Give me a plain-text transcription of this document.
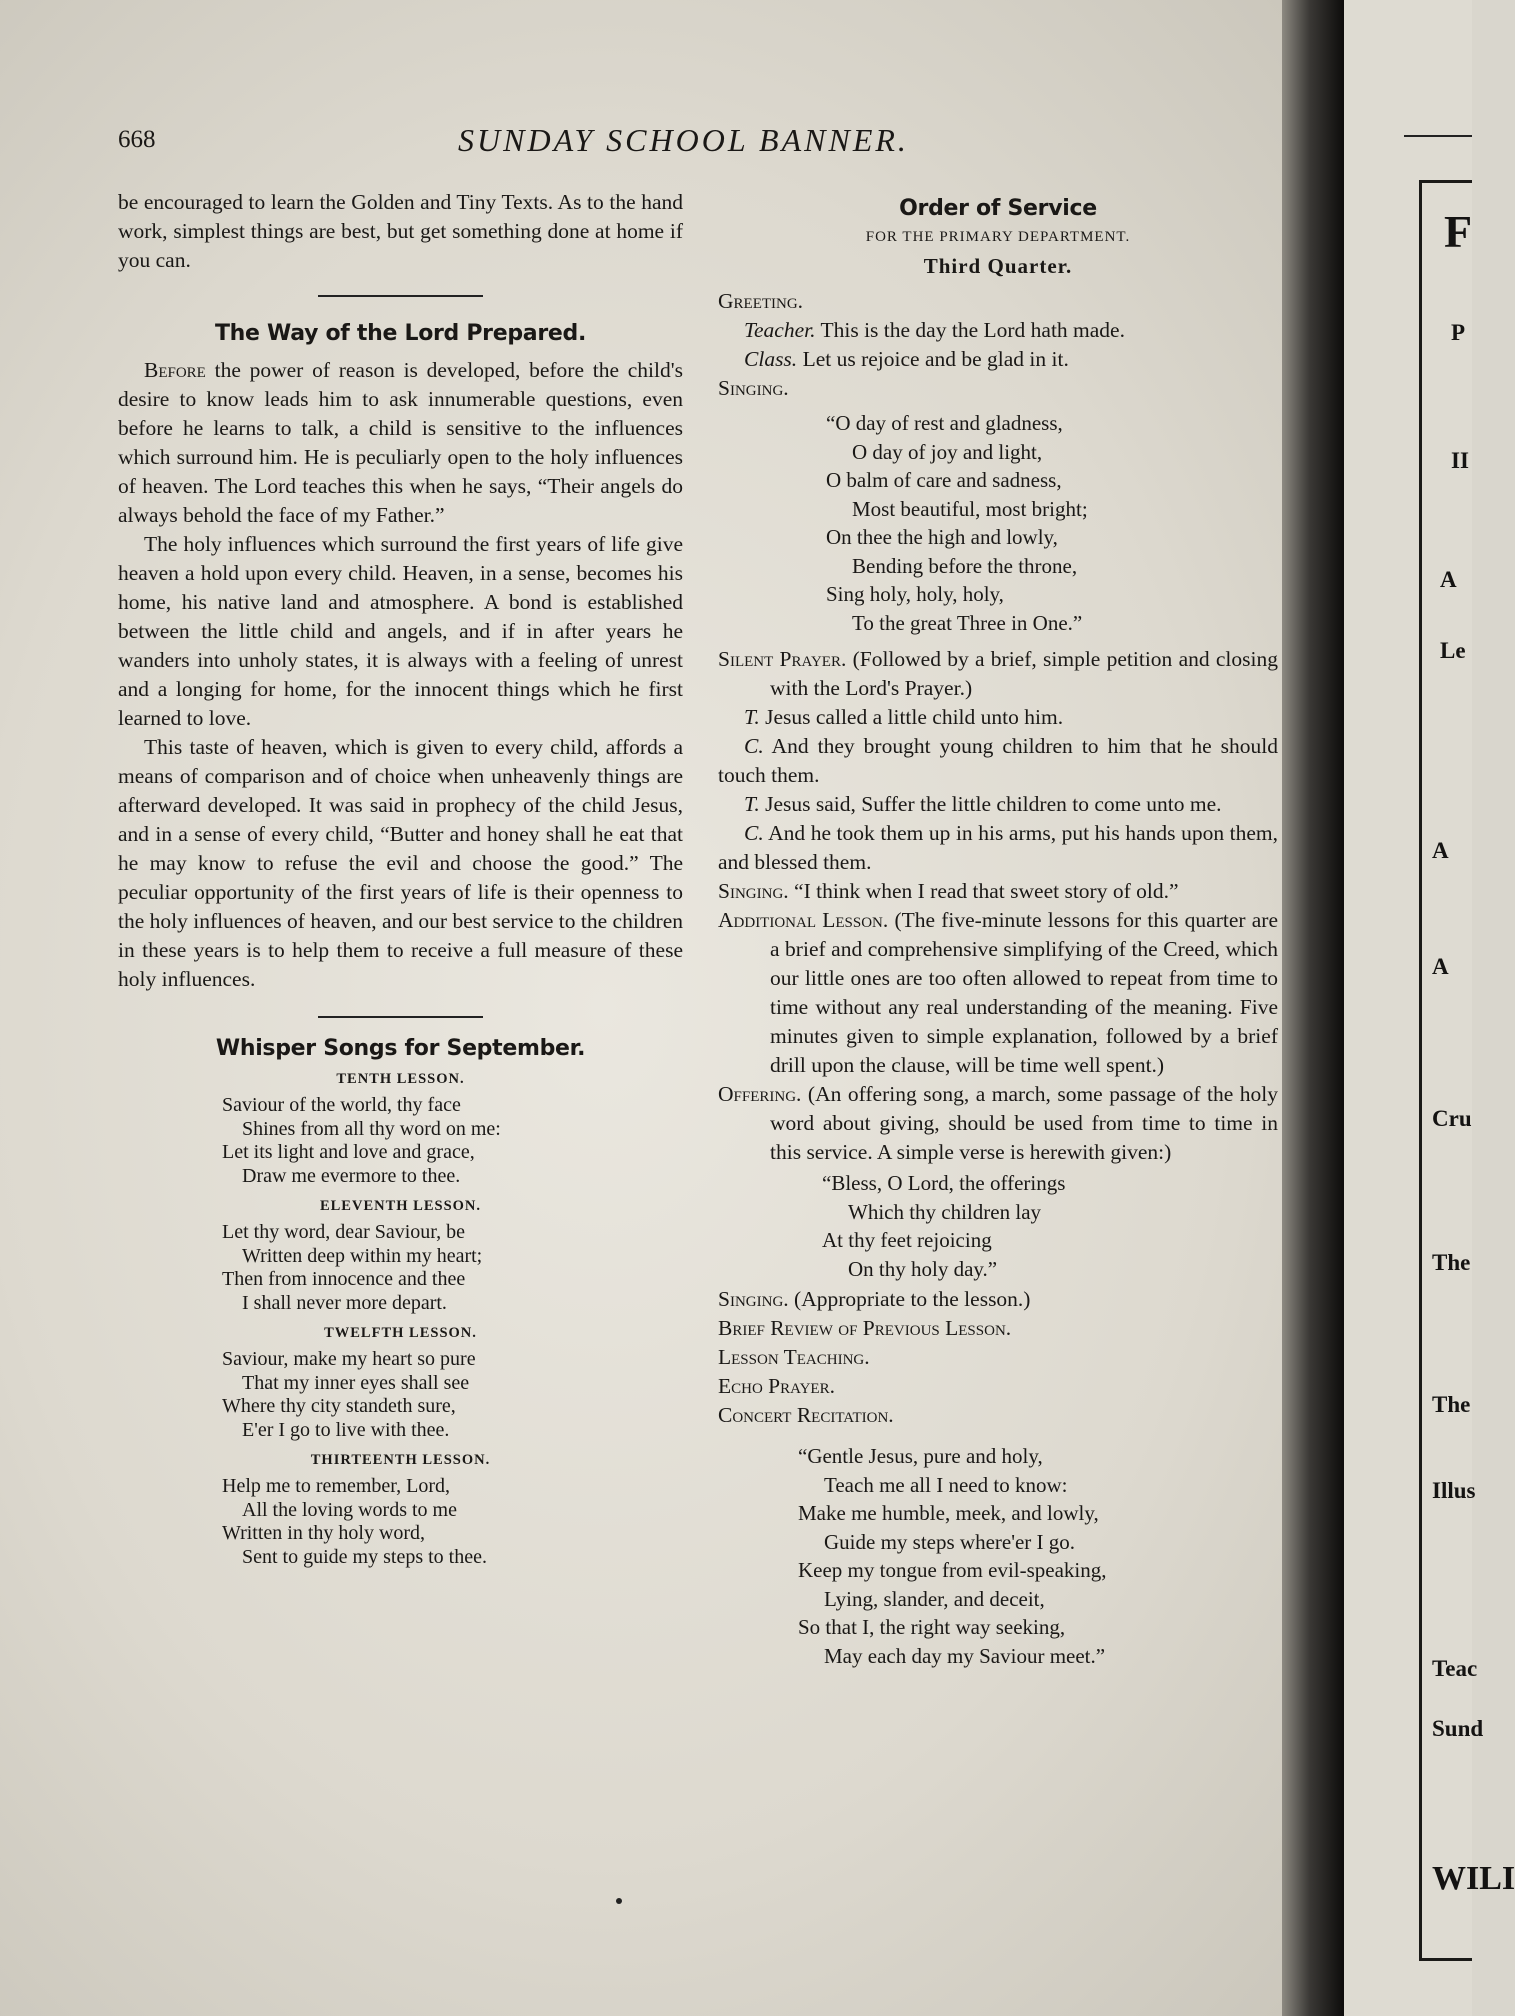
F
P
II
A
Le
A
A
Cru
The
The
Illus
Teac
Sund
WILI
668	SUNDAY SCHOOL BANNER.

be encouraged to learn the Golden and Tiny Texts. As to the hand work, simplest things are best, but get something done at home if you can.

The Way of the Lord Prepared.

Before the power of reason is developed, before the child's desire to know leads him to ask innumerable questions, even before he learns to talk, a child is sensitive to the influences which surround him. He is peculiarly open to the holy influences of heaven. The Lord teaches this when he says, “Their angels do always behold the face of my Father.”

The holy influences which surround the first years of life give heaven a hold upon every child. Heaven, in a sense, becomes his home, his native land and atmosphere. A bond is established between the little child and angels, and if in after years he wanders into unholy states, it is always with a feeling of unrest and a longing for home, for the innocent things which he first learned to love.

This taste of heaven, which is given to every child, affords a means of comparison and of choice when unheavenly things are afterward developed. It was said in prophecy of the child Jesus, and in a sense of every child, “Butter and honey shall he eat that he may know to refuse the evil and choose the good.” The peculiar opportunity of the first years of life is their openness to the holy influences of heaven, and our best service to the children in these years is to help them to receive a full measure of these holy influences.

Whisper Songs for September.
TENTH LESSON.
Saviour of the world, thy face
Shines from all thy word on me:
Let its light and love and grace,
Draw me evermore to thee.
ELEVENTH LESSON.
Let thy word, dear Saviour, be
Written deep within my heart;
Then from innocence and thee
I shall never more depart.
TWELFTH LESSON.
Saviour, make my heart so pure
That my inner eyes shall see
Where thy city standeth sure,
E'er I go to live with thee.
THIRTEENTH LESSON.
Help me to remember, Lord,
All the loving words to me
Written in thy holy word,
Sent to guide my steps to thee.
Order of Service
FOR THE PRIMARY DEPARTMENT.
Third Quarter.

Greeting.

Teacher. This is the day the Lord hath made.

Class. Let us rejoice and be glad in it.

Singing.

“O day of rest and gladness,
O day of joy and light,
O balm of care and sadness,
Most beautiful, most bright;
On thee the high and lowly,
Bending before the throne,
Sing holy, holy, holy,
To the great Three in One.”

Silent Prayer. (Followed by a brief, simple petition and closing with the Lord's Prayer.)

T. Jesus called a little child unto him.

C. And they brought young children to him that he should touch them.

T. Jesus said, Suffer the little children to come unto me.

C. And he took them up in his arms, put his hands upon them, and blessed them.

Singing. “I think when I read that sweet story of old.”

Additional Lesson. (The five-minute lessons for this quarter are a brief and comprehensive simplifying of the Creed, which our little ones are too often allowed to repeat from time to time without any real understanding of the meaning. Five minutes given to simple explanation, followed by a brief drill upon the clause, will be time well spent.)

Offering. (An offering song, a march, some passage of the holy word about giving, should be used from time to time in this service. A simple verse is herewith given:)

“Bless, O Lord, the offerings
Which thy children lay
At thy feet rejoicing
On thy holy day.”

Singing. (Appropriate to the lesson.)

Brief Review of Previous Lesson.

Lesson Teaching.

Echo Prayer.

Concert Recitation.

“Gentle Jesus, pure and holy,
Teach me all I need to know:
Make me humble, meek, and lowly,
Guide my steps where'er I go.
Keep my tongue from evil-speaking,
Lying, slander, and deceit,
So that I, the right way seeking,
May each day my Saviour meet.”
